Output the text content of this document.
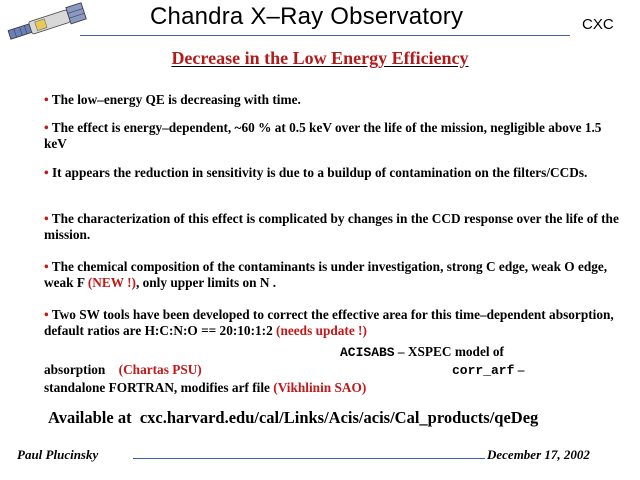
Chandra X–Ray Observatory	CXC
Decrease in the Low Energy Efficiency
• The low–energy QE is decreasing with time.
• The effect is energy–dependent, ~60 % at 0.5 keV over the life of the mission, negligible above 1.5 keV
• It appears the reduction in sensitivity is due to a buildup of contamination on the filters/CCDs.
• The characterization of this effect is complicated by changes in the CCD response over the life of the mission.
• The chemical composition of the contaminants is under investigation, strong C edge, weak O edge, weak F (NEW !), only upper limits on N .
• Two SW tools have been developed to correct the effective area for this time–dependent absorption, default ratios are H:C:N:O == 20:10:1:2 (needs update !)
ACISABS – XSPEC model of
absorption (Chartas PSU)	corr_arf –
standalone FORTRAN, modifies arf file (Vikhlinin SAO)
Available at cxc.harvard.edu/cal/Links/Acis/acis/Cal_products/qeDeg
Paul Plucinsky	December 17, 2002
